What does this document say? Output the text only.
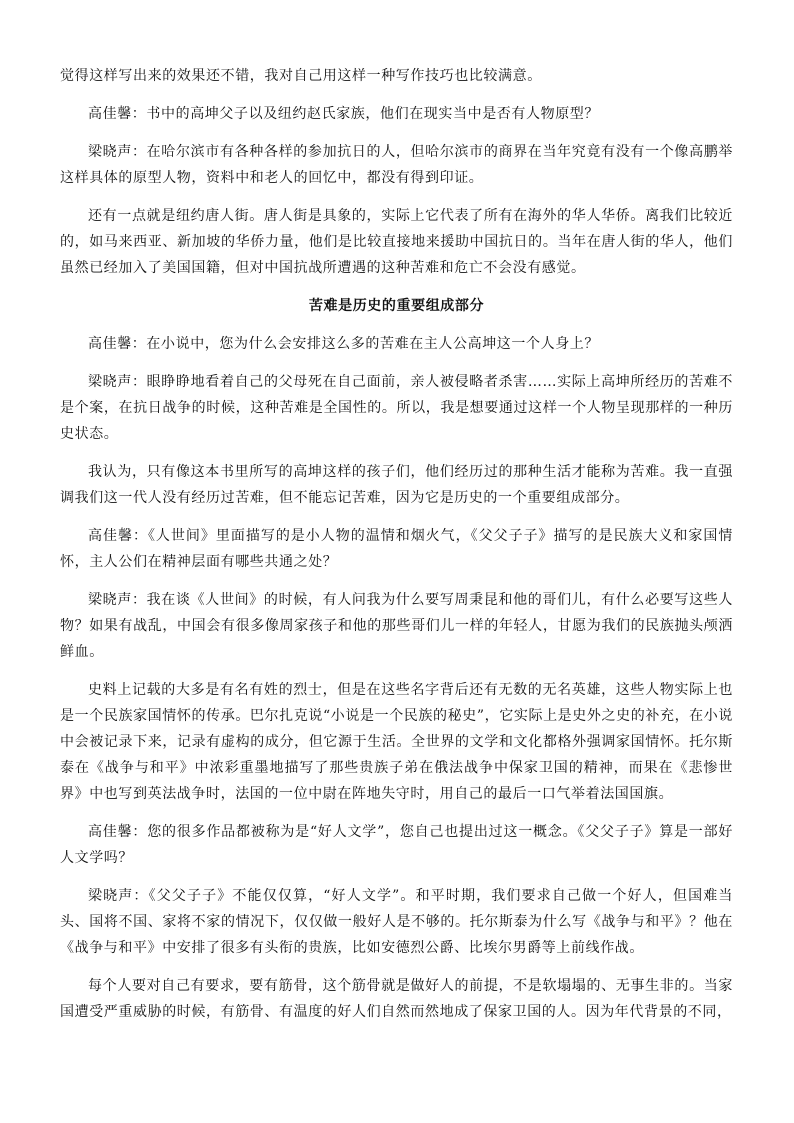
觉得这样写出来的效果还不错，我对自己用这样一种写作技巧也比较满意。

高佳馨：书中的高坤父子以及纽约赵氏家族，他们在现实当中是否有人物原型？

梁晓声：在哈尔滨市有各种各样的参加抗日的人，但哈尔滨市的商界在当年究竟有没有一个像高鹏举这样具体的原型人物，资料中和老人的回忆中，都没有得到印证。

还有一点就是纽约唐人街。唐人街是具象的，实际上它代表了所有在海外的华人华侨。离我们比较近的，如马来西亚、新加坡的华侨力量，他们是比较直接地来援助中国抗日的。当年在唐人街的华人，他们虽然已经加入了美国国籍，但对中国抗战所遭遇的这种苦难和危亡不会没有感觉。

苦难是历史的重要组成部分

高佳馨：在小说中，您为什么会安排这么多的苦难在主人公高坤这一个人身上？

梁晓声：眼睁睁地看着自己的父母死在自己面前，亲人被侵略者杀害……实际上高坤所经历的苦难不是个案，在抗日战争的时候，这种苦难是全国性的。所以，我是想要通过这样一个人物呈现那样的一种历史状态。

我认为，只有像这本书里所写的高坤这样的孩子们，他们经历过的那种生活才能称为苦难。我一直强调我们这一代人没有经历过苦难，但不能忘记苦难，因为它是历史的一个重要组成部分。

高佳馨：《人世间》里面描写的是小人物的温情和烟火气，《父父子子》描写的是民族大义和家国情怀，主人公们在精神层面有哪些共通之处？

梁晓声：我在谈《人世间》的时候，有人问我为什么要写周秉昆和他的哥们儿，有什么必要写这些人物？如果有战乱，中国会有很多像周家孩子和他的那些哥们儿一样的年轻人，甘愿为我们的民族抛头颅洒鲜血。

史料上记载的大多是有名有姓的烈士，但是在这些名字背后还有无数的无名英雄，这些人物实际上也是一个民族家国情怀的传承。巴尔扎克说“小说是一个民族的秘史”，它实际上是史外之史的补充，在小说中会被记录下来，记录有虚构的成分，但它源于生活。全世界的文学和文化都格外强调家国情怀。托尔斯泰在《战争与和平》中浓彩重墨地描写了那些贵族子弟在俄法战争中保家卫国的精神，而果在《悲惨世界》中也写到英法战争时，法国的一位中尉在阵地失守时，用自己的最后一口气举着法国国旗。

高佳馨：您的很多作品都被称为是“好人文学”，您自己也提出过这一概念。《父父子子》算是一部好人文学吗？

梁晓声：《父父子子》不能仅仅算，“好人文学”。和平时期，我们要求自己做一个好人，但国难当头、国将不国、家将不家的情况下，仅仅做一般好人是不够的。托尔斯泰为什么写《战争与和平》？他在《战争与和平》中安排了很多有头衔的贵族，比如安德烈公爵、比埃尔男爵等上前线作战。

每个人要对自己有要求，要有筋骨，这个筋骨就是做好人的前提，不是软塌塌的、无事生非的。当家国遭受严重威胁的时候，有筋骨、有温度的好人们自然而然地成了保家卫国的人。因为年代背景的不同，
